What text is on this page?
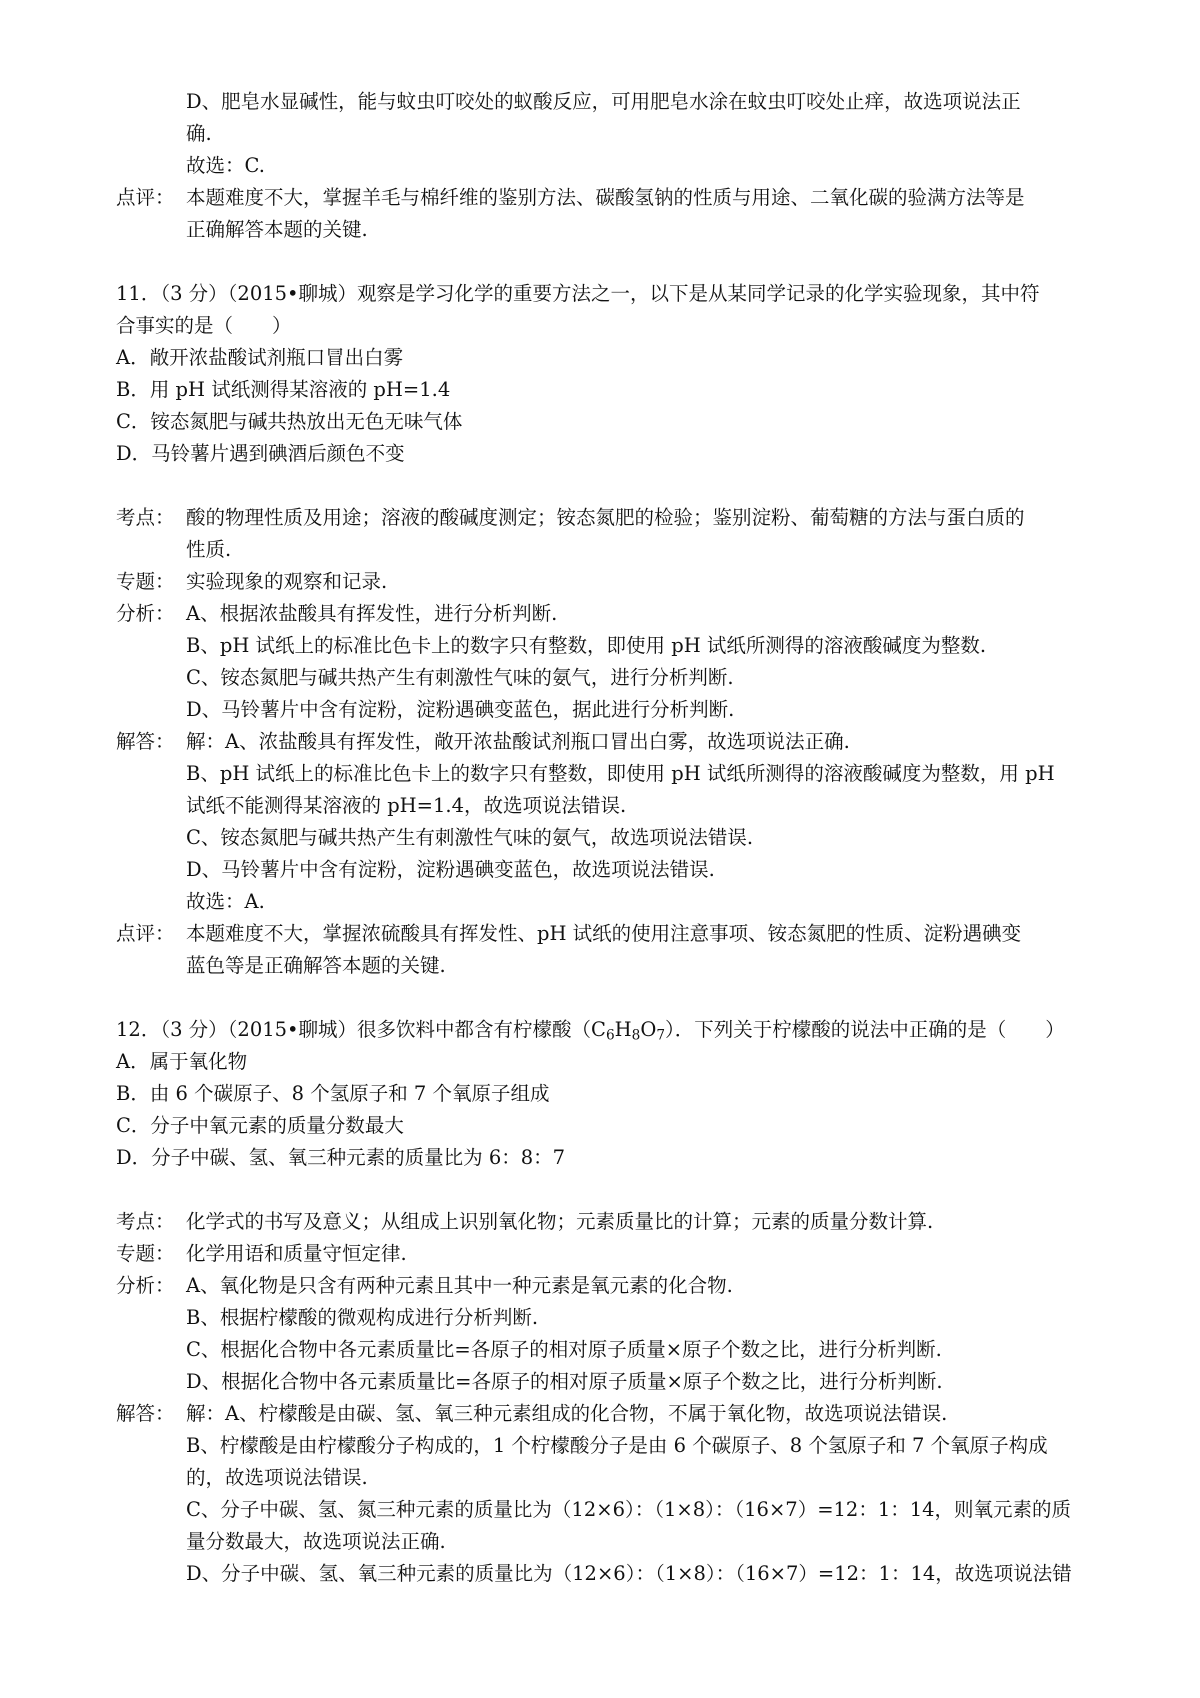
D、肥皂水显碱性，能与蚊虫叮咬处的蚁酸反应，可用肥皂水涂在蚊虫叮咬处止痒，故选项说法正
确.
故选：C.
点评： 本题难度不大，掌握羊毛与棉纤维的鉴别方法、碳酸氢钠的性质与用途、二氧化碳的验满方法等是
正确解答本题的关键.
11．（3 分）（2015•聊城）观察是学习化学的重要方法之一，以下是从某同学记录的化学实验现象，其中符
合事实的是（　　）
A．敞开浓盐酸试剂瓶口冒出白雾
B．用 pH 试纸测得某溶液的 pH=1.4
C．铵态氮肥与碱共热放出无色无味气体
D．马铃薯片遇到碘酒后颜色不变
考点： 酸的物理性质及用途；溶液的酸碱度测定；铵态氮肥的检验；鉴别淀粉、葡萄糖的方法与蛋白质的
性质.
专题： 实验现象的观察和记录.
分析： A、根据浓盐酸具有挥发性，进行分析判断.
B、pH 试纸上的标准比色卡上的数字只有整数，即使用 pH 试纸所测得的溶液酸碱度为整数.
C、铵态氮肥与碱共热产生有刺激性气味的氨气，进行分析判断.
D、马铃薯片中含有淀粉，淀粉遇碘变蓝色，据此进行分析判断.
解答： 解：A、浓盐酸具有挥发性，敞开浓盐酸试剂瓶口冒出白雾，故选项说法正确.
B、pH 试纸上的标准比色卡上的数字只有整数，即使用 pH 试纸所测得的溶液酸碱度为整数，用 pH
试纸不能测得某溶液的 pH=1.4，故选项说法错误.
C、铵态氮肥与碱共热产生有刺激性气味的氨气，故选项说法错误.
D、马铃薯片中含有淀粉，淀粉遇碘变蓝色，故选项说法错误.
故选：A.
点评： 本题难度不大，掌握浓硫酸具有挥发性、pH 试纸的使用注意事项、铵态氮肥的性质、淀粉遇碘变
蓝色等是正确解答本题的关键.
12．（3 分）（2015•聊城）很多饮料中都含有柠檬酸$(C_6H_8O_7)$．下列关于柠檬酸的说法中正确的是（　　）
A．属于氧化物
B．由 6 个碳原子、8 个氢原子和 7 个氧原子组成
C．分子中氧元素的质量分数最大
D．分子中碳、氢、氧三种元素的质量比为 6：8：7
考点： 化学式的书写及意义；从组成上识别氧化物；元素质量比的计算；元素的质量分数计算.
专题： 化学用语和质量守恒定律.
分析： A、氧化物是只含有两种元素且其中一种元素是氧元素的化合物.
B、根据柠檬酸的微观构成进行分析判断.
C、根据化合物中各元素质量比=各原子的相对原子质量×原子个数之比，进行分析判断.
D、根据化合物中各元素质量比=各原子的相对原子质量×原子个数之比，进行分析判断.
解答： 解：A、柠檬酸是由碳、氢、氧三种元素组成的化合物，不属于氧化物，故选项说法错误.
B、柠檬酸是由柠檬酸分子构成的，1 个柠檬酸分子是由 6 个碳原子、8 个氢原子和 7 个氧原子构成
的，故选项说法错误.
C、分子中碳、氢、氮三种元素的质量比为（12×6）：（1×8）：（16×7）=12：1：14，则氧元素的质
量分数最大，故选项说法正确.
D、分子中碳、氢、氧三种元素的质量比为（12×6）：（1×8）：（16×7）=12：1：14，故选项说法错
